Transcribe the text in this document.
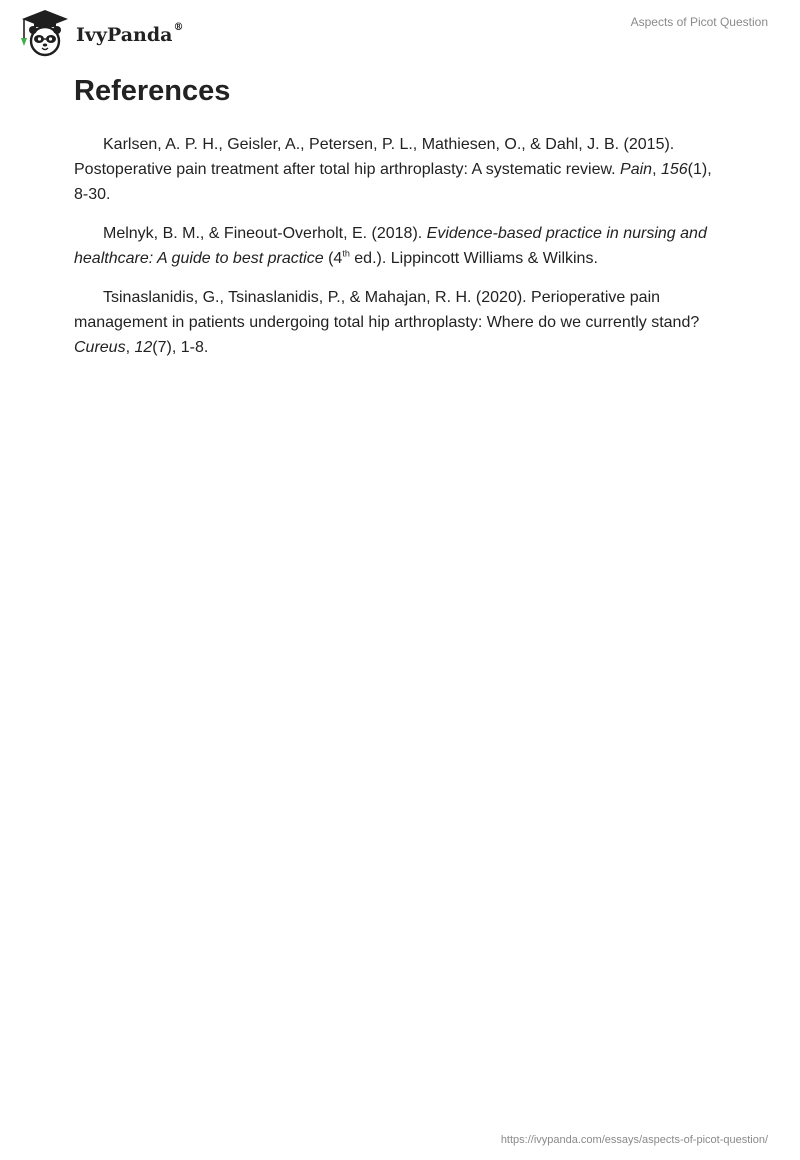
IvyPanda®	Aspects of Picot Question
References

Karlsen, A. P. H., Geisler, A., Petersen, P. L., Mathiesen, O., & Dahl, J. B. (2015). Postoperative pain treatment after total hip arthroplasty: A systematic review. Pain, 156(1), 8-30.

Melnyk, B. M., & Fineout-Overholt, E. (2018). Evidence-based practice in nursing and healthcare: A guide to best practice (4th ed.). Lippincott Williams & Wilkins.

Tsinaslanidis, G., Tsinaslanidis, P., & Mahajan, R. H. (2020). Perioperative pain management in patients undergoing total hip arthroplasty: Where do we currently stand? Cureus, 12(7), 1-8.

https://ivypanda.com/essays/aspects-of-picot-question/
